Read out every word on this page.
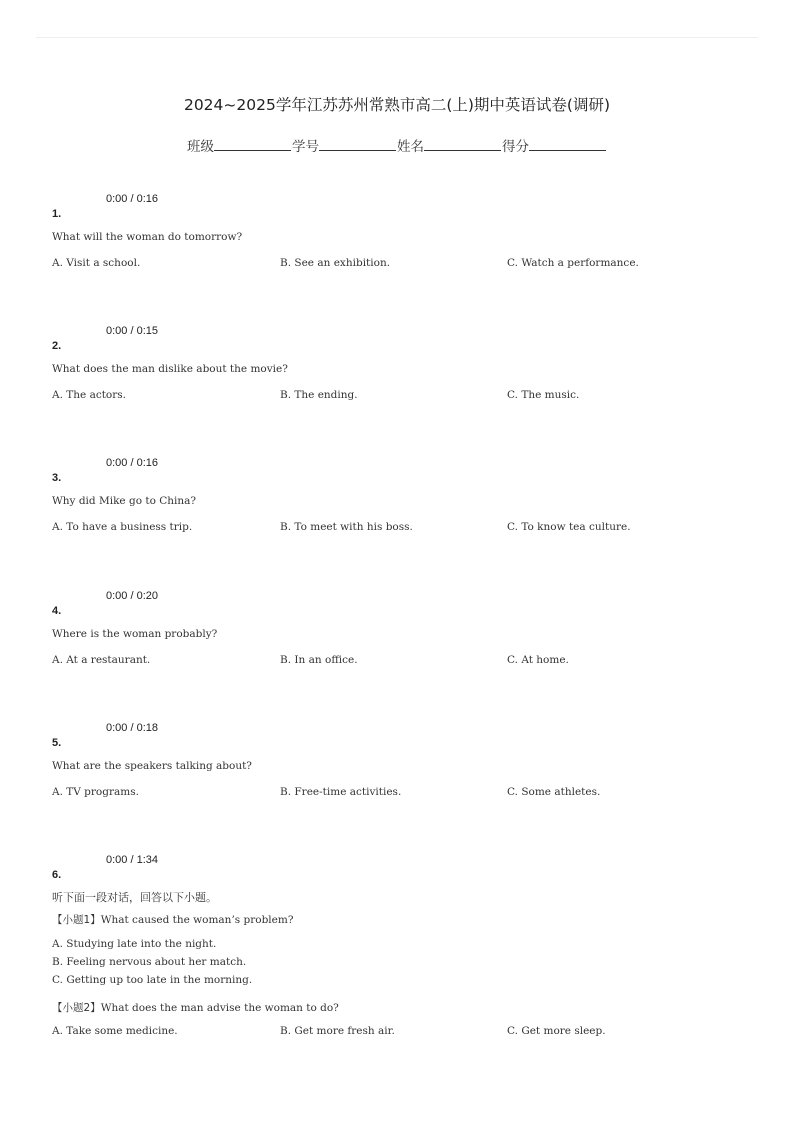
2024~2025学年江苏苏州常熟市高二(上)期中英语试卷(调研)
班级	学号	姓名	得分
0:00 / 0:16
1.
What will the woman do tomorrow?
A. Visit a school.	B. See an exhibition.	C. Watch a performance.
0:00 / 0:15
2.
What does the man dislike about the movie?
A. The actors.	B. The ending.	C. The music.
0:00 / 0:16
3.
Why did Mike go to China?
A. To have a business trip.	B. To meet with his boss.	C. To know tea culture.
0:00 / 0:20
4.
Where is the woman probably?
A. At a restaurant.	B. In an office.	C. At home.
0:00 / 0:18
5.
What are the speakers talking about?
A. TV programs.	B. Free-time activities.	C. Some athletes.
0:00 / 1:34
6.
听下面一段对话，回答以下小题。
【小题1】What caused the woman’s problem?
A. Studying late into the night.
B. Feeling nervous about her match.
C. Getting up too late in the morning.
【小题2】What does the man advise the woman to do?
A. Take some medicine.	B. Get more fresh air.	C. Get more sleep.
